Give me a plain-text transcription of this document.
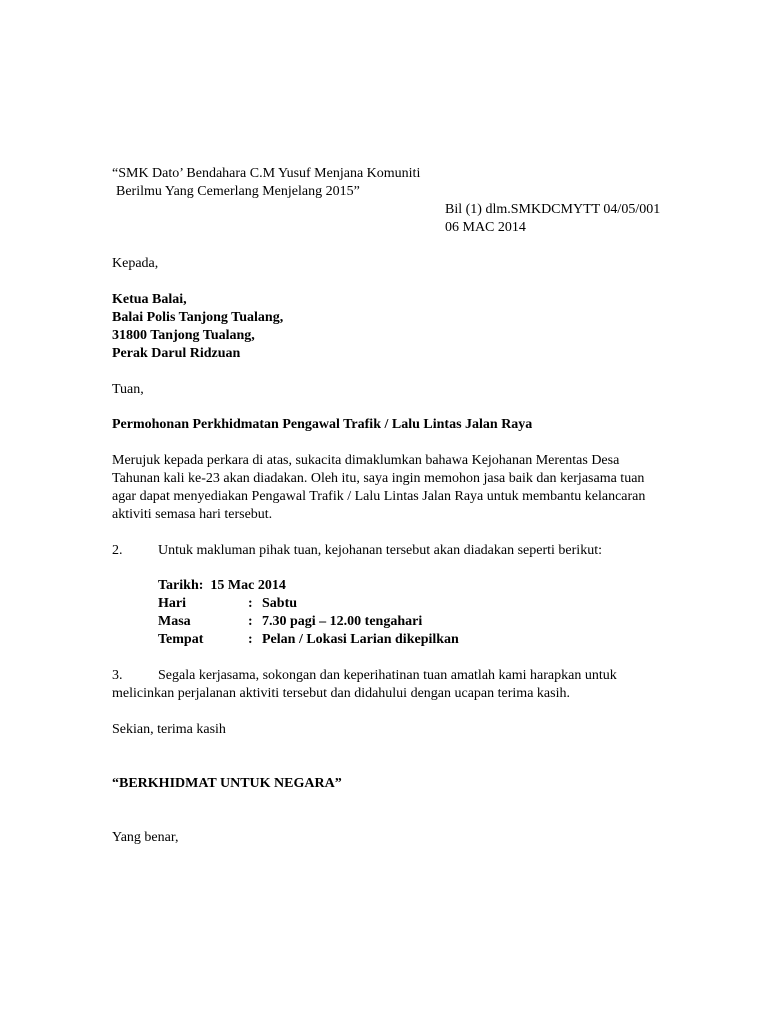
“SMK Dato’ Bendahara C.M Yusuf Menjana Komuniti
Berilmu Yang Cemerlang Menjelang 2015”
Bil (1) dlm.SMKDCMYTT 04/05/001
06 MAC 2014
Kepada,
Ketua Balai,
Balai Polis Tanjong Tualang,
31800 Tanjong Tualang,
Perak Darul Ridzuan
Tuan,
Permohonan Perkhidmatan Pengawal Trafik / Lalu Lintas Jalan Raya
Merujuk kepada perkara di atas, sukacita dimaklumkan bahawa Kejohanan Merentas Desa
Tahunan kali ke-23 akan diadakan. Oleh itu, saya ingin memohon jasa baik dan kerjasama tuan
agar dapat menyediakan Pengawal Trafik / Lalu Lintas Jalan Raya untuk membantu kelancaran
aktiviti semasa hari tersebut.
2.	Untuk makluman pihak tuan, kejohanan tersebut akan diadakan seperti berikut:
Tarikh: 15 Mac 2014
Hari	: Sabtu
Masa	: 7.30 pagi – 12.00 tengahari
Tempat	: Pelan / Lokasi Larian dikepilkan
3.	Segala kerjasama, sokongan dan keperihatinan tuan amatlah kami harapkan untuk
melicinkan perjalanan aktiviti tersebut dan didahului dengan ucapan terima kasih.
Sekian, terima kasih
“BERKHIDMAT UNTUK NEGARA”
Yang benar,
